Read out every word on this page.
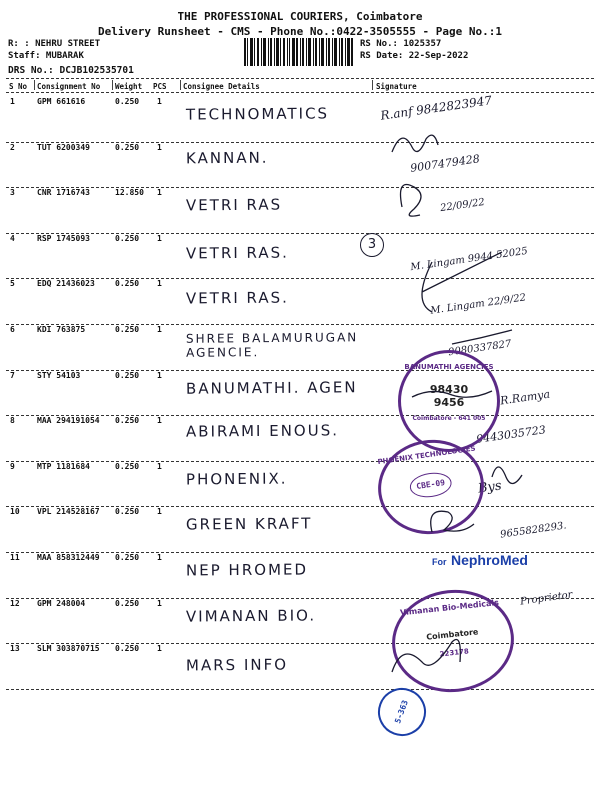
THE PROFESSIONAL COURIERS, Coimbatore
Delivery Runsheet - CMS - Phone No.:0422-3505555 - Page No.:1
R: : NEHRU STREET
Staff: MUBARAK
DRS No.: DCJB102535701
RS No.: 1025357
RS Date: 22-Sep-2022
S No Consignment No Weight PCS Consignee Details	Signature
1	GPM 661616	0.250 1
TECHNOMATICS	R.anf 9842823947
2	TUT 6200349	0.250 1
KANNAN.	9007479428
3	CNR 1716743	12.850 1
VETRI RAS	22/09/22
4	RSP 1745093	0.250 1
VETRI RAS.	M. Lingam 9944 52025
5	EDQ 21436023	0.250 1
VETRI RAS.	M. Lingam 22/9/22
6	KDI 763875	0.250 1
SHREE BALAMURUGAN AGENCIE.	9080337827
7	STY 54103	0.250 1
BANUMATHI. AGEN	R.Ramya
8	MAA 294191054 0.250 1
ABIRAMI ENOUS.	9443035723
9	MTP 1181684	0.250 1
PHONENIX.	Bys
10 VPL 214528167 0.250 1
GREEN KRAFT	9655828293.
11 MAA 858312449 0.250 1
NEP HROMED
Proprietor
12 GPM 248004	0.250 1
VIMANAN BIO.
13 SLM 303870715 0.250 1
MARS INFO
3
BANUMATHI AGENCIES
98430
9456
Coimbatore - 641 005
PHOENIX TECHNOLOGIES
CBE-09
For NephroMed
Vimanan Bio-Medicals
Coimbatore
223178
5-363
